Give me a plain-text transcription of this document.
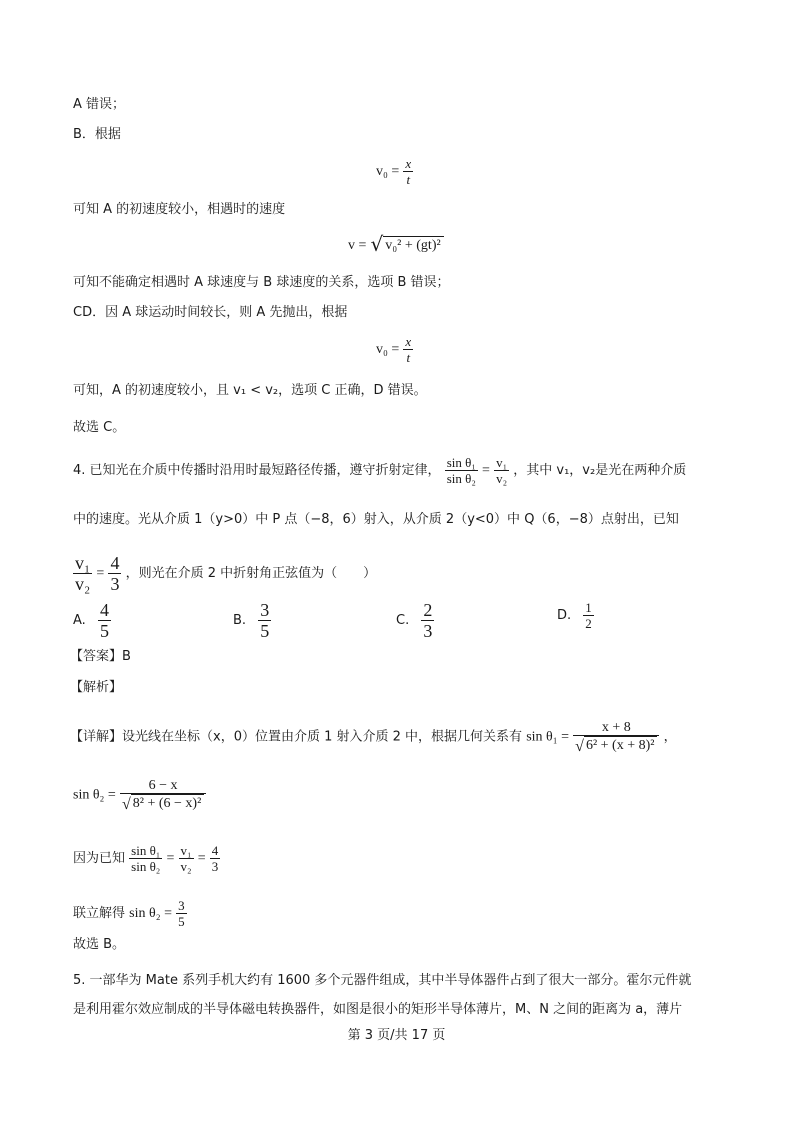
A 错误；
B．根据
$v_0 = \frac{x}{t}$
可知 A 的初速度较小，相遇时的速度
v = √ v₀² + (gt)²
可知不能确定相遇时 A 球速度与 B 球速度的关系，选项 B 错误；
CD．因 A 球运动时间较长，则 A 先抛出，根据
$v_0 = \frac{x}{t}$
可知，A 的初速度较小，且 v₁ < v₂，选项 C 正确，D 错误。
故选 C。
4. 已知光在介质中传播时沿用时最短路径传播，遵守折射定律， $\frac{\text{sin θ₁}}{\text{sin θ₂}} = \frac{\text{v₁}}{\text{v₂}}$ ，其中 v₁，v₂是光在两种介质
中的速度。光从介质 1（y>0）中 P 点（−8，6）射入，从介质 2（y<0）中 Q（6，−8）点射出，已知
$\frac{\text{v₁}}{\text{v₂}} = \frac{4}{3}$ ，则光在介质 2 中折射角正弦值为（　　）
A. $\frac{4}{5}$	B. $\frac{3}{5}$	C. $\frac{2}{3}$	D. $\frac{1}{2}$
【答案】B
【解析】
【详解】设光线在坐标（x，0）位置由介质 1 射入介质 2 中，根据几何关系有 $\sin \theta_1 = \frac{x + 8}{\text{√ 6² + (x + 8)²}}$ ，
$\sin \theta_2 = \frac{6 - x}{\text{√ 8² + (6 − x)²}}$
因为已知 $\frac{\text{sin θ₁}}{\text{sin θ₂}} = \frac{\text{v₁}}{\text{v₂}} = \frac{4}{3}$
联立解得 $\sin \theta_2 = \frac{3}{5}$
故选 B。
5. 一部华为 Mate 系列手机大约有 1600 多个元器件组成，其中半导体器件占到了很大一部分。霍尔元件就
是利用霍尔效应制成的半导体磁电转换器件，如图是很小的矩形半导体薄片，M、N 之间的距离为 a，薄片
第 3 页/共 17 页
